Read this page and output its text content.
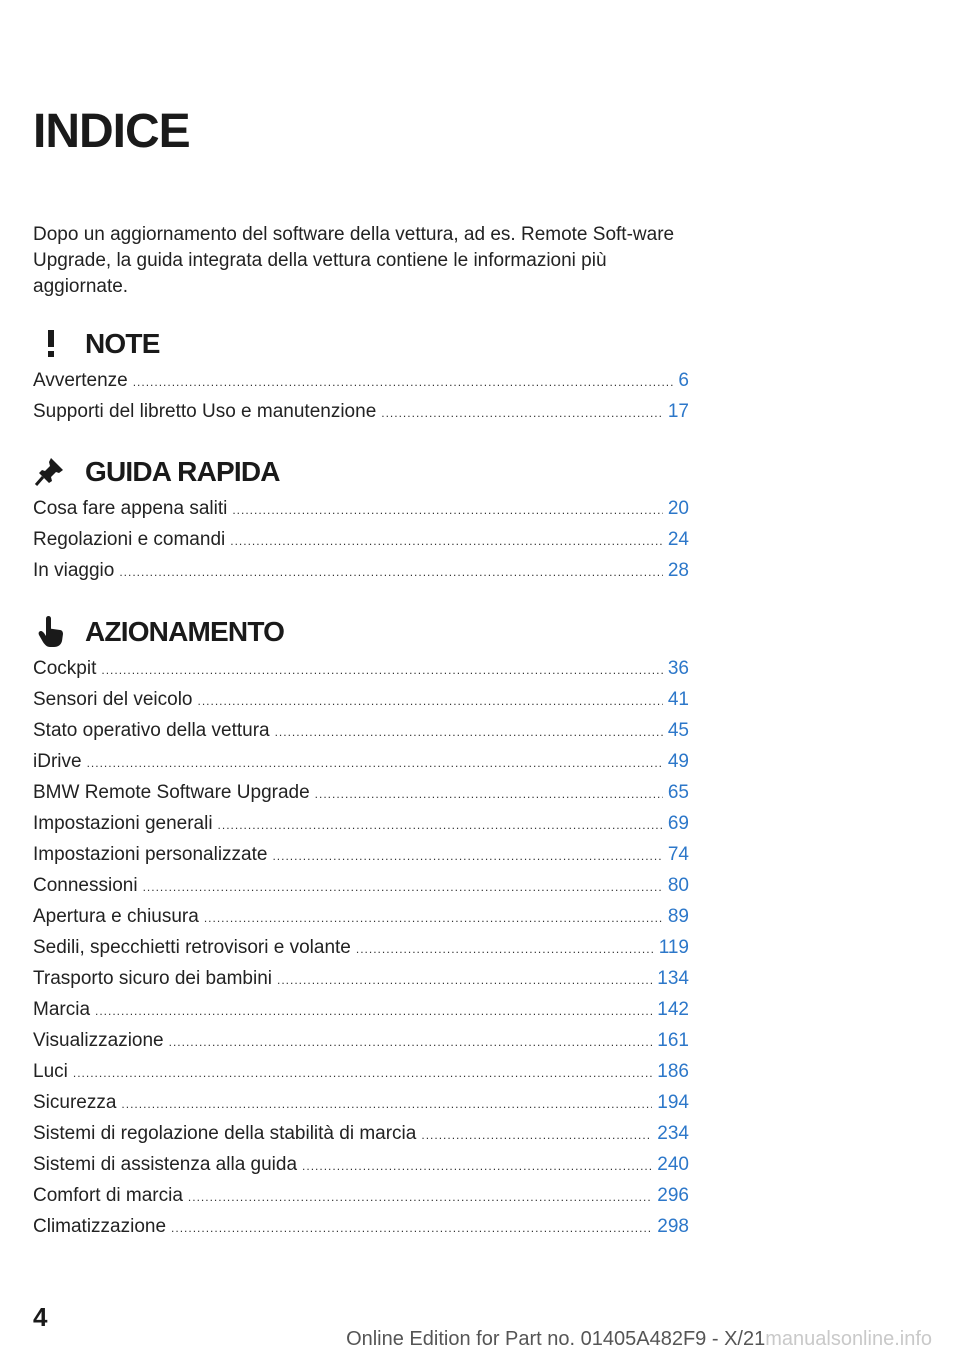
INDICE
Dopo un aggiornamento del software della vettura, ad es. Remote Soft‐ware Upgrade, la guida integrata della vettura contiene le informazioni più aggiornate.
NOTE
Avvertenze .....	6
Supporti del libretto Uso e manutenzione .....	17
GUIDA RAPIDA
Cosa fare appena saliti .....	20
Regolazioni e comandi .....	24
In viaggio .....	28
AZIONAMENTO
Cockpit .....	36
Sensori del veicolo .....	41
Stato operativo della vettura .....	45
iDrive .....	49
BMW Remote Software Upgrade .....	65
Impostazioni generali .....	69
Impostazioni personalizzate .....	74
Connessioni .....	80
Apertura e chiusura .....	89
Sedili, specchietti retrovisori e volante .....	119
Trasporto sicuro dei bambini .....	134
Marcia .....	142
Visualizzazione .....	161
Luci .....	186
Sicurezza .....	194
Sistemi di regolazione della stabilità di marcia .....	234
Sistemi di assistenza alla guida .....	240
Comfort di marcia .....	296
Climatizzazione .....	298
4
Online Edition for Part no. 01405A482F9 - X/21manualsonline.info
